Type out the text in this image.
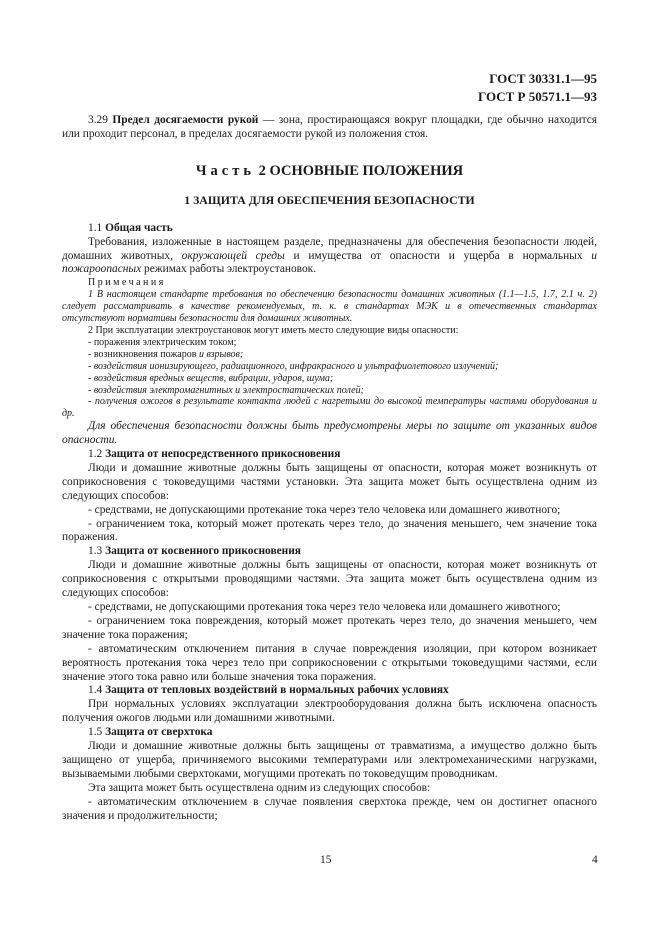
ГОСТ 30331.1—95
ГОСТ Р 50571.1—93

3.29 Предел досягаемости рукой — зона, простирающаяся вокруг площадки, где обычно находится или проходит персонал, в пределах досягаемости рукой из положения стоя.

Часть 2 ОСНОВНЫЕ ПОЛОЖЕНИЯ
1 ЗАЩИТА ДЛЯ ОБЕСПЕЧЕНИЯ БЕЗОПАСНОСТИ

1.1 Общая часть

Требования, изложенные в настоящем разделе, предназначены для обеспечения безопасности людей, домашних животных, окружающей среды и имущества от опасности и ущерба в нормальных и пожароопасных режимах работы электроустановок.

Примечания

1 В настоящем стандарте требования по обеспечению безопасности домашних животных (1.1—1.5, 1.7, 2.1 ч. 2) следует рассматривать в качестве рекомендуемых, т. к. в стандартах МЭК и в отечественных стандартах отсутствуют нормативы безопасности для домашних животных.

2 При эксплуатации электроустановок могут иметь место следующие виды опасности:

- поражения электрическим током;

- возникновения пожаров и взрывов;

- воздействия ионизирующего, радиационного, инфракрасного и ультрафиолетового излучений;

- воздействия вредных веществ, вибрации, ударов, шума;

- воздействия электромагнитных и электростатических полей;

- получения ожогов в результате контакта людей с нагретыми до высокой температуры частями оборудования и др.

Для обеспечения безопасности должны быть предусмотрены меры по защите от указанных видов опасности.

1.2 Защита от непосредственного прикосновения

Люди и домашние животные должны быть защищены от опасности, которая может возникнуть от соприкосновения с токоведущими частями установки. Эта защита может быть осуществлена одним из следующих способов:

- средствами, не допускающими протекание тока через тело человека или домашнего животного;

- ограничением тока, который может протекать через тело, до значения меньшего, чем значение тока поражения.

1.3 Защита от косвенного прикосновения

Люди и домашние животные должны быть защищены от опасности, которая может возникнуть от соприкосновения с открытыми проводящими частями. Эта защита может быть осуществлена одним из следующих способов:

- средствами, не допускающими протекания тока через тело человека или домашнего животного;

- ограничением тока повреждения, который может протекать через тело, до значения меньшего, чем значение тока поражения;

- автоматическим отключением питания в случае повреждения изоляции, при котором возникает вероятность протекания тока через тело при соприкосновении с открытыми токоведущими частями, если значение этого тока равно или больше значения тока поражения.

1.4 Защита от тепловых воздействий в нормальных рабочих условиях

При нормальных условиях эксплуатации электрооборудования должна быть исключена опасность получения ожогов людьми или домашними животными.

1.5 Защита от сверхтока

Люди и домашние животные должны быть защищены от травматизма, а имущество должно быть защищено от ущерба, причиняемого высокими температурами или электромеханическими нагрузками, вызываемыми любыми сверхтоками, могущими протекать по токоведущим проводникам.

Эта защита может быть осуществлена одним из следующих способов:

- автоматическим отключением в случае появления сверхтока прежде, чем он достигнет опасного значения и продолжительности;

15	4
